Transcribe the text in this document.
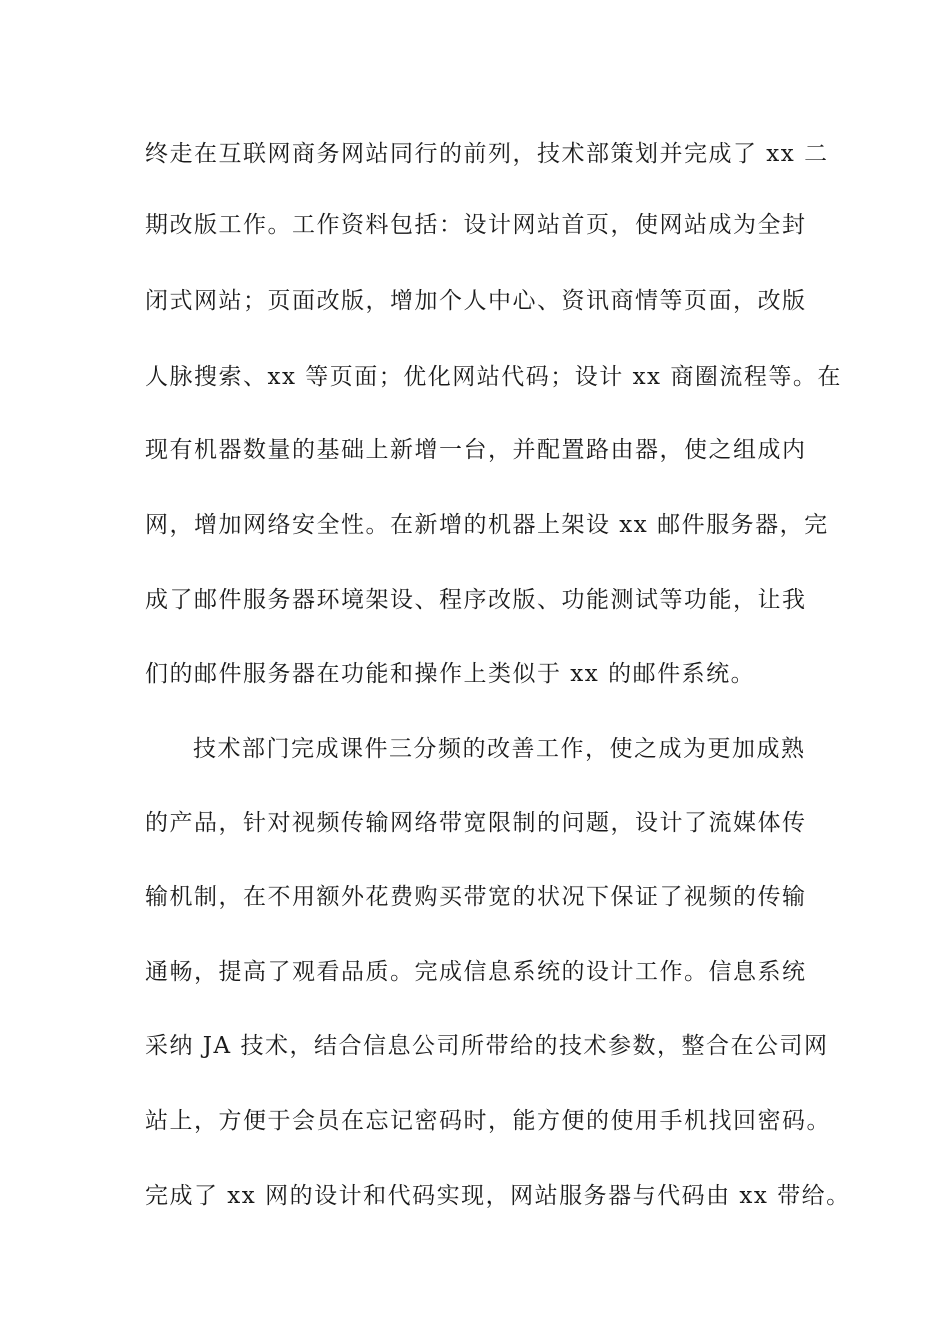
终走在互联网商务网站同行的前列，技术部策划并完成了 xx 二
期改版工作。工作资料包括：设计网站首页，使网站成为全封
闭式网站；页面改版，增加个人中心、资讯商情等页面，改版
人脉搜索、xx 等页面；优化网站代码；设计 xx 商圈流程等。在
现有机器数量的基础上新增一台，并配置路由器，使之组成内
网，增加网络安全性。在新增的机器上架设 xx 邮件服务器，完
成了邮件服务器环境架设、程序改版、功能测试等功能，让我
们的邮件服务器在功能和操作上类似于 xx 的邮件系统。
技术部门完成课件三分频的改善工作，使之成为更加成熟
的产品，针对视频传输网络带宽限制的问题，设计了流媒体传
输机制，在不用额外花费购买带宽的状况下保证了视频的传输
通畅，提高了观看品质。完成信息系统的设计工作。信息系统
采纳 JA 技术，结合信息公司所带给的技术参数，整合在公司网
站上，方便于会员在忘记密码时，能方便的使用手机找回密码。
完成了 xx 网的设计和代码实现，网站服务器与代码由 xx 带给。
